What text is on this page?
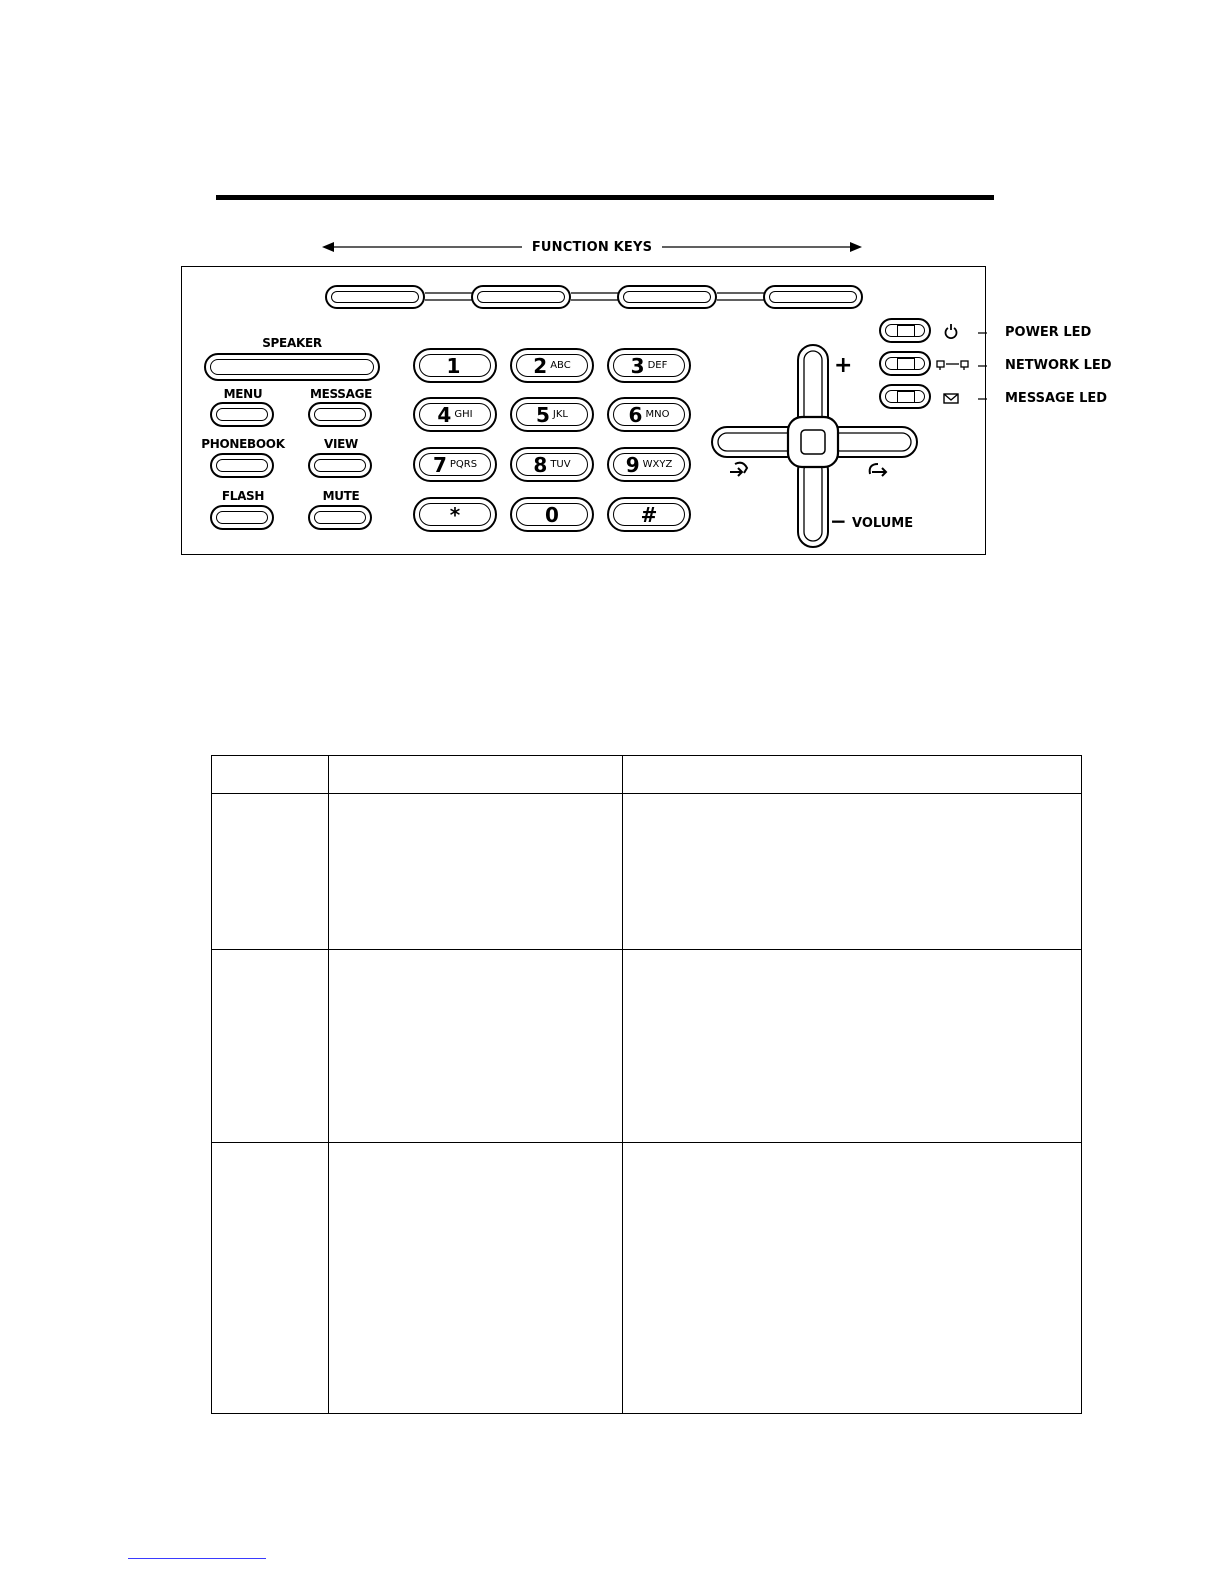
FUNCTION KEYS
SPEAKER
MENU	MESSAGE
PHONEBOOK	VIEW
FLASH	MUTE
1	2 ABC	3 DEF
4 GHI	5 JKL	6 MNO
7 PQRS	8 TUV	9 WXYZ
*	0	#
+
− VOLUME
POWER LED
NETWORK LED
MESSAGE LED
